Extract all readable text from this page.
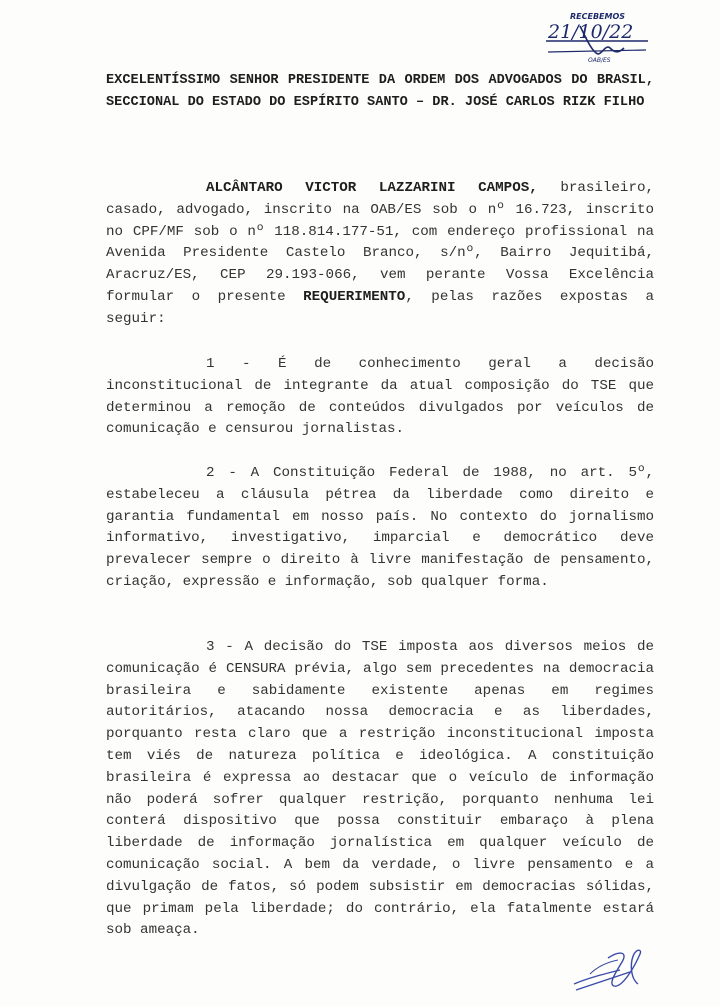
RECEBEMOS
21/10/22
OAB/ES
EXCELENTÍSSIMO SENHOR PRESIDENTE DA ORDEM DOS ADVOGADOS DO BRASIL, SECCIONAL DO ESTADO DO ESPÍRITO SANTO – DR. JOSÉ CARLOS RIZK FILHO
ALCÂNTARO VICTOR LAZZARINI CAMPOS, brasileiro, casado, advogado, inscrito na OAB/ES sob o nº 16.723, inscrito no CPF/MF sob o nº 118.814.177-51, com endereço profissional na Avenida Presidente Castelo Branco, s/nº, Bairro Jequitibá, Aracruz/ES, CEP 29.193-066, vem perante Vossa Excelência formular o presente REQUERIMENTO, pelas razões expostas a seguir:
1 - É de conhecimento geral a decisão inconstitucional de integrante da atual composição do TSE que determinou a remoção de conteúdos divulgados por veículos de comunicação e censurou jornalistas.
2 - A Constituição Federal de 1988, no art. 5º, estabeleceu a cláusula pétrea da liberdade como direito e garantia fundamental em nosso país. No contexto do jornalismo informativo, investigativo, imparcial e democrático deve prevalecer sempre o direito à livre manifestação de pensamento, criação, expressão e informação, sob qualquer forma.
3 - A decisão do TSE imposta aos diversos meios de comunicação é CENSURA prévia, algo sem precedentes na democracia brasileira e sabidamente existente apenas em regimes autoritários, atacando nossa democracia e as liberdades, porquanto resta claro que a restrição inconstitucional imposta tem viés de natureza política e ideológica. A constituição brasileira é expressa ao destacar que o veículo de informação não poderá sofrer qualquer restrição, porquanto nenhuma lei conterá dispositivo que possa constituir embaraço à plena liberdade de informação jornalística em qualquer veículo de comunicação social. A bem da verdade, o livre pensamento e a divulgação de fatos, só podem subsistir em democracias sólidas, que primam pela liberdade; do contrário, ela fatalmente estará sob ameaça.
